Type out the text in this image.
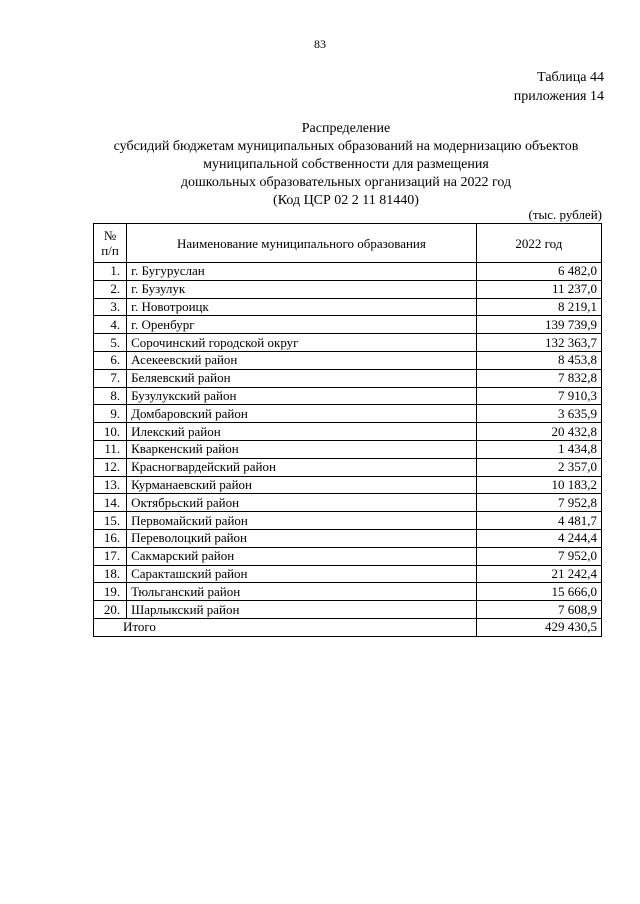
83
Таблица 44
приложения 14
Распределение
субсидий бюджетам муниципальных образований на модернизацию объектов
муниципальной собственности для размещения
дошкольных образовательных организаций на 2022 год
(Код ЦСР 02 2 11 81440)
(тыс. рублей)
№ п/п	Наименование муниципального образования	2022 год
1.	г. Бугуруслан	6 482,0
2.	г. Бузулук	11 237,0
3.	г. Новотроицк	8 219,1
4.	г. Оренбург	139 739,9
5.	Сорочинский городской округ	132 363,7
6.	Асекеевский район	8 453,8
7.	Беляевский район	7 832,8
8.	Бузулукский район	7 910,3
9.	Домбаровский район	3 635,9
10.	Илекский район	20 432,8
11.	Кваркенский район	1 434,8
12.	Красногвардейский район	2 357,0
13.	Курманаевский район	10 183,2
14.	Октябрьский район	7 952,8
15.	Первомайский район	4 481,7
16.	Переволоцкий район	4 244,4
17.	Сакмарский район	7 952,0
18.	Саракташский район	21 242,4
19.	Тюльганский район	15 666,0
20.	Шарлыкский район	7 608,9
Итого		429 430,5
